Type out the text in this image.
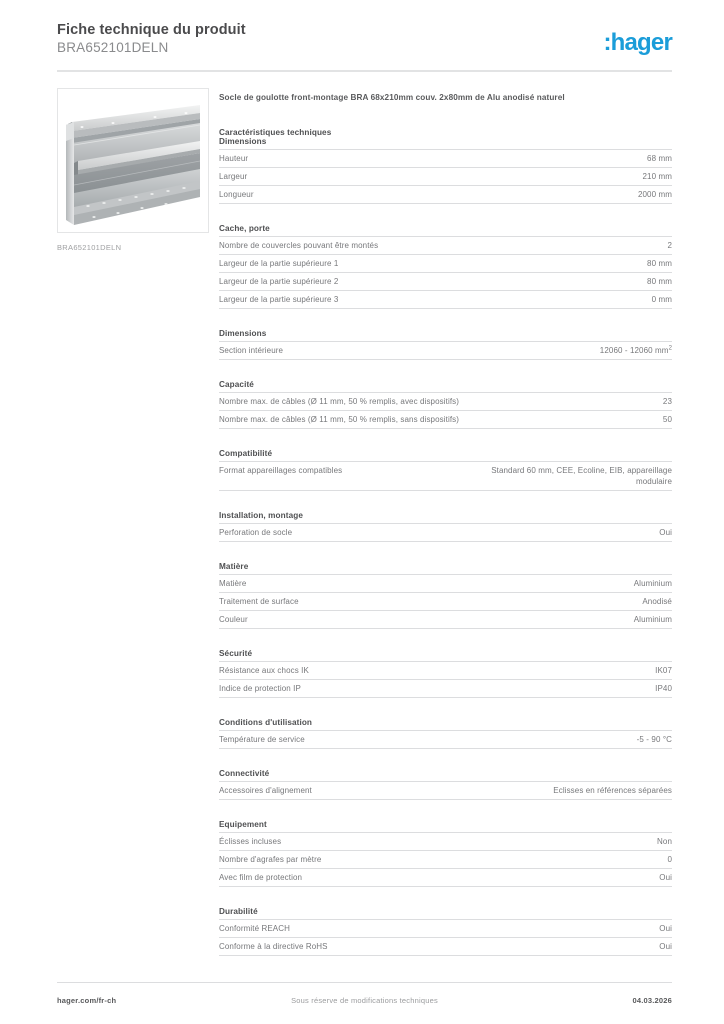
Fiche technique du produit
BRA652101DELN	:hager
BRA652101DELN
Socle de goulotte front-montage BRA 68x210mm couv. 2x80mm de Alu anodisé naturel
Caractéristiques techniques
Dimensions
Hauteur	68 mm
Largeur	210 mm
Longueur	2000 mm
Cache, porte
Nombre de couvercles pouvant être montés	2
Largeur de la partie supérieure 1	80 mm
Largeur de la partie supérieure 2	80 mm
Largeur de la partie supérieure 3	0 mm
Dimensions
Section intérieure	12060 - 12060 $mm^2$
Capacité
Nombre max. de câbles (Ø 11 mm, 50 % remplis, avec dispositifs)	23
Nombre max. de câbles (Ø 11 mm, 50 % remplis, sans dispositifs)	50
Compatibilité
Format appareillages compatibles	Standard 60 mm, CEE, Ecoline, EIB, appareillage modulaire
Installation, montage
Perforation de socle	Oui
Matière
Matière	Aluminium
Traitement de surface	Anodisé
Couleur	Aluminium
Sécurité
Résistance aux chocs IK	IK07
Indice de protection IP	IP40
Conditions d'utilisation
Température de service	-5 - 90 °C
Connectivité
Accessoires d'alignement	Eclisses en références séparées
Equipement
Éclisses incluses	Non
Nombre d'agrafes par mètre	0
Avec film de protection	Oui
Durabilité
Conformité REACH	Oui
Conforme à la directive RoHS	Oui
hager.com/fr-ch	Sous réserve de modifications techniques	04.03.2026
